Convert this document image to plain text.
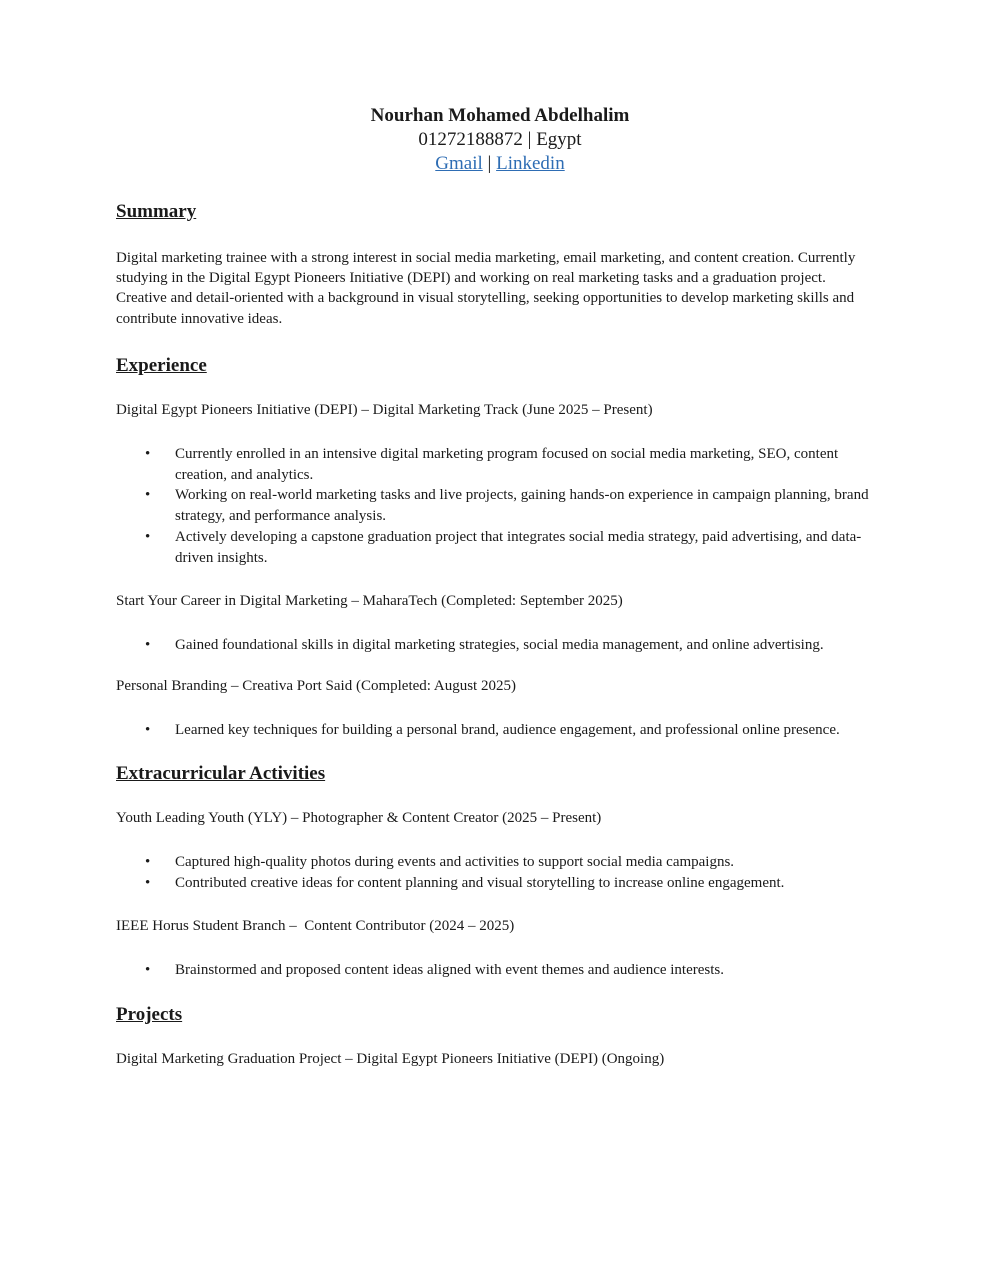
Nourhan Mohamed Abdelhalim

01272188872 | Egypt

Gmail | Linkedin

Summary

Digital marketing trainee with a strong interest in social media marketing, email marketing, and content creation. Currently studying in the Digital Egypt Pioneers Initiative (DEPI) and working on real marketing tasks and a graduation project.

Creative and detail-oriented with a background in visual storytelling, seeking opportunities to develop marketing skills and contribute innovative ideas.

Experience

Digital Egypt Pioneers Initiative (DEPI) – Digital Marketing Track (June 2025 – Present)

• Currently enrolled in an intensive digital marketing program focused on social media marketing, SEO, content creation, and analytics.
• Working on real-world marketing tasks and live projects, gaining hands-on experience in campaign planning, brand strategy, and performance analysis.
• Actively developing a capstone graduation project that integrates social media strategy, paid advertising, and data-driven insights.

Start Your Career in Digital Marketing – MaharaTech (Completed: September 2025)

• Gained foundational skills in digital marketing strategies, social media management, and online advertising.

Personal Branding – Creativa Port Said (Completed: August 2025)

• Learned key techniques for building a personal brand, audience engagement, and professional online presence.
Extracurricular Activities

Youth Leading Youth (YLY) – Photographer & Content Creator (2025 – Present)

• Captured high-quality photos during events and activities to support social media campaigns.
• Contributed creative ideas for content planning and visual storytelling to increase online engagement.

IEEE Horus Student Branch –  Content Contributor (2024 – 2025)

• Brainstormed and proposed content ideas aligned with event themes and audience interests.
Projects

Digital Marketing Graduation Project – Digital Egypt Pioneers Initiative (DEPI) (Ongoing)
